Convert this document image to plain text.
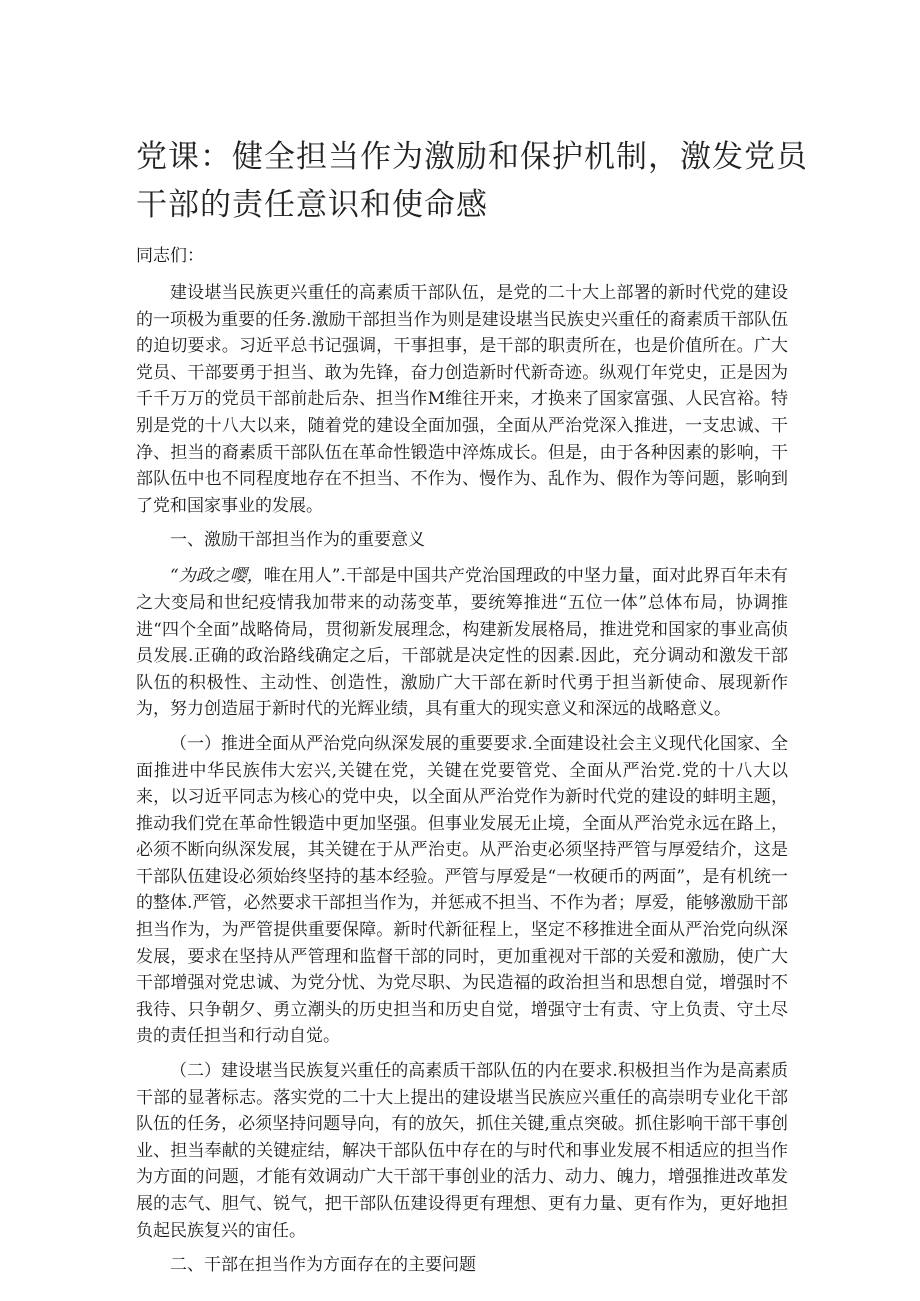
党课：健全担当作为激励和保护机制，激发党员干部的责任意识和使命感

同志们：

建设堪当民族更兴重任的高素质干部队伍，是党的二十大上部署的新时代党的建设的一项极为重要的任务.激励干部担当作为则是建设堪当民族史兴重任的裔素质干部队伍的迫切要求。习近平总书记强调，干事担事，是干部的职责所在，也是价值所在。广大党员、干部要勇于担当、敢为先锋，奋力创造新时代新奇迹。纵观仃年党史，正是因为千千万万的党员干部前赴后杂、担当作M维往开来，才换来了国家富强、人民宫裕。特别是党的十八大以来，随着党的建设全面加强，全面从严治党深入推进，一支忠诚、干净、担当的裔素质干部队伍在革命性锻造中淬炼成长。但是，由于各种因素的影响，干部队伍中也不同程度地存在不担当、不作为、慢作为、乱作为、假作为等问题，影响到了党和国家事业的发展。

一、激励干部担当作为的重要意义

“为政之嘤，唯在用人”.干部是中国共产党治国理政的中坚力量，面对此界百年未有之大变局和世纪疫情我加带来的动荡变革，要统筹推进“五位一体”总体布局，协调推进“四个全面”战略倚局，贯彻新发展理念，构建新发展格局，推进党和国家的事业高侦员发展.正确的政治路线确定之后，干部就是决定性的因素.因此，充分调动和激发干部队伍的积极性、主动性、创造性，激励广大干部在新时代勇于担当新使命、展现新作为，努力创造屈于新时代的光辉业绩，具有重大的现实意义和深远的战略意义。

（一）推进全面从严治党向纵深发展的重要要求.全面建设社会主义现代化国家、全面推进中华民族伟大宏兴,关键在党，关键在党要管党、全面从严治党.党的十八大以来，以习近平同志为核心的党中央，以全面从严治党作为新时代党的建设的蚌明主题，推动我们党在革命性锻造中更加坚强。但事业发展无止境，全面从严治党永远在路上，必须不断向纵深发展，其关键在于从严治吏。从严治吏必须坚持严管与厚爱结介，这是干部队伍建设必须始终坚持的基本经验。严管与厚爱是“一枚硬币的两面”，是有机统一的整体.严管，必然要求干部担当作为，并惩戒不担当、不作为者；厚爱，能够激励干部担当作为，为严管提供重要保障。新时代新征程上，坚定不移推进全面从严治党向纵深发展，要求在坚持从严管理和监督干部的同时，更加重视对干部的关爱和激励，使广大干部增强对党忠诚、为党分忧、为党尽职、为民造福的政治担当和思想自觉，增强时不我待、只争朝夕、勇立潮头的历史担当和历史自觉，增强守士有责、守上负责、守土尽贵的责任担当和行动自觉。

（二）建设堪当民族复兴重任的高素质干部队伍的内在要求.积极担当作为是高素质干部的显著标志。落实党的二十大上提出的建设堪当民族应兴重任的高崇明专业化干部队伍的任务，必须坚持问题导向，有的放矢，抓住关键,重点突破。抓住影响干部干事创业、担当奉献的关键症结，解决干部队伍中存在的与时代和事业发展不相适应的担当作为方面的问题，才能有效调动广大干部干事创业的活力、动力、魄力，增强推进改革发展的志气、胆气、锐气，把干部队伍建设得更有理想、更有力量、更有作为，更好地担负起民族复兴的宙任。

二、干部在担当作为方面存在的主要问题
